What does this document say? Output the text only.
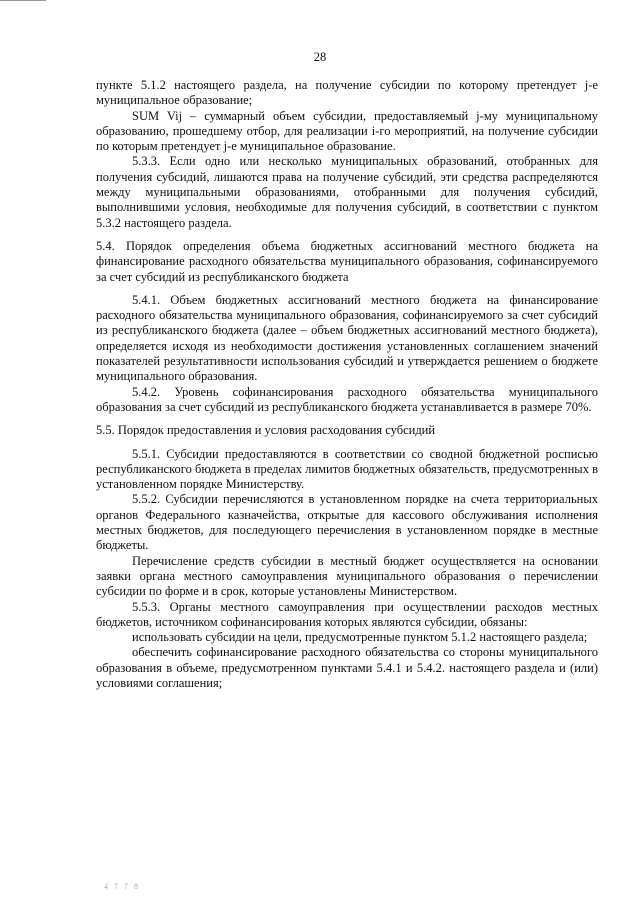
28

пункте 5.1.2 настоящего раздела, на получение субсидии по которому претендует j-е муниципальное образование;

SUM Vij – суммарный объем субсидии, предоставляемый j-му муниципальному образованию, прошедшему отбор, для реализации i-го мероприятий, на получение субсидии по которым претендует j-е муниципальное образование.

5.3.3. Если одно или несколько муниципальных образований, отобранных для получения субсидий, лишаются права на получение субсидий, эти средства распределяются между муниципальными образованиями, отобранными для получения субсидий, выполнившими условия, необходимые для получения субсидий, в соответствии с пунктом 5.3.2 настоящего раздела.

5.4. Порядок определения объема бюджетных ассигнований местного бюджета на финансирование расходного обязательства муниципального образования, софинансируемого за счет субсидий из республиканского бюджета

5.4.1. Объем бюджетных ассигнований местного бюджета на финансирование расходного обязательства муниципального образования, софинансируемого за счет субсидий из республиканского бюджета (далее – объем бюджетных ассигнований местного бюджета), определяется исходя из необходимости достижения установленных соглашением значений показателей результативности использования субсидий и утверждается решением о бюджете муниципального образования.

5.4.2. Уровень софинансирования расходного обязательства муниципального образования за счет субсидий из республиканского бюджета устанавливается в размере 70%.

5.5. Порядок предоставления и условия расходования субсидий

5.5.1. Субсидии предоставляются в соответствии со сводной бюджетной росписью республиканского бюджета в пределах лимитов бюджетных обязательств, предусмотренных в установленном порядке Министерству.

5.5.2. Субсидии перечисляются в установленном порядке на счета территориальных органов Федерального казначейства, открытые для кассового обслуживания исполнения местных бюджетов, для последующего перечисления в установленном порядке в местные бюджеты.

Перечисление средств субсидии в местный бюджет осуществляется на основании заявки органа местного самоуправления муниципального образования о перечислении субсидии по форме и в срок, которые установлены Министерством.

5.5.3. Органы местного самоуправления при осуществлении расходов местных бюджетов, источником софинансирования которых являются субсидии, обязаны:

использовать субсидии на цели, предусмотренные пунктом 5.1.2 настоящего раздела;

обеспечить софинансирование расходного обязательства со стороны муниципального образования в объеме, предусмотренном пунктами 5.4.1 и 5.4.2. настоящего раздела и (или) условиями соглашения;

4 7 7 8
